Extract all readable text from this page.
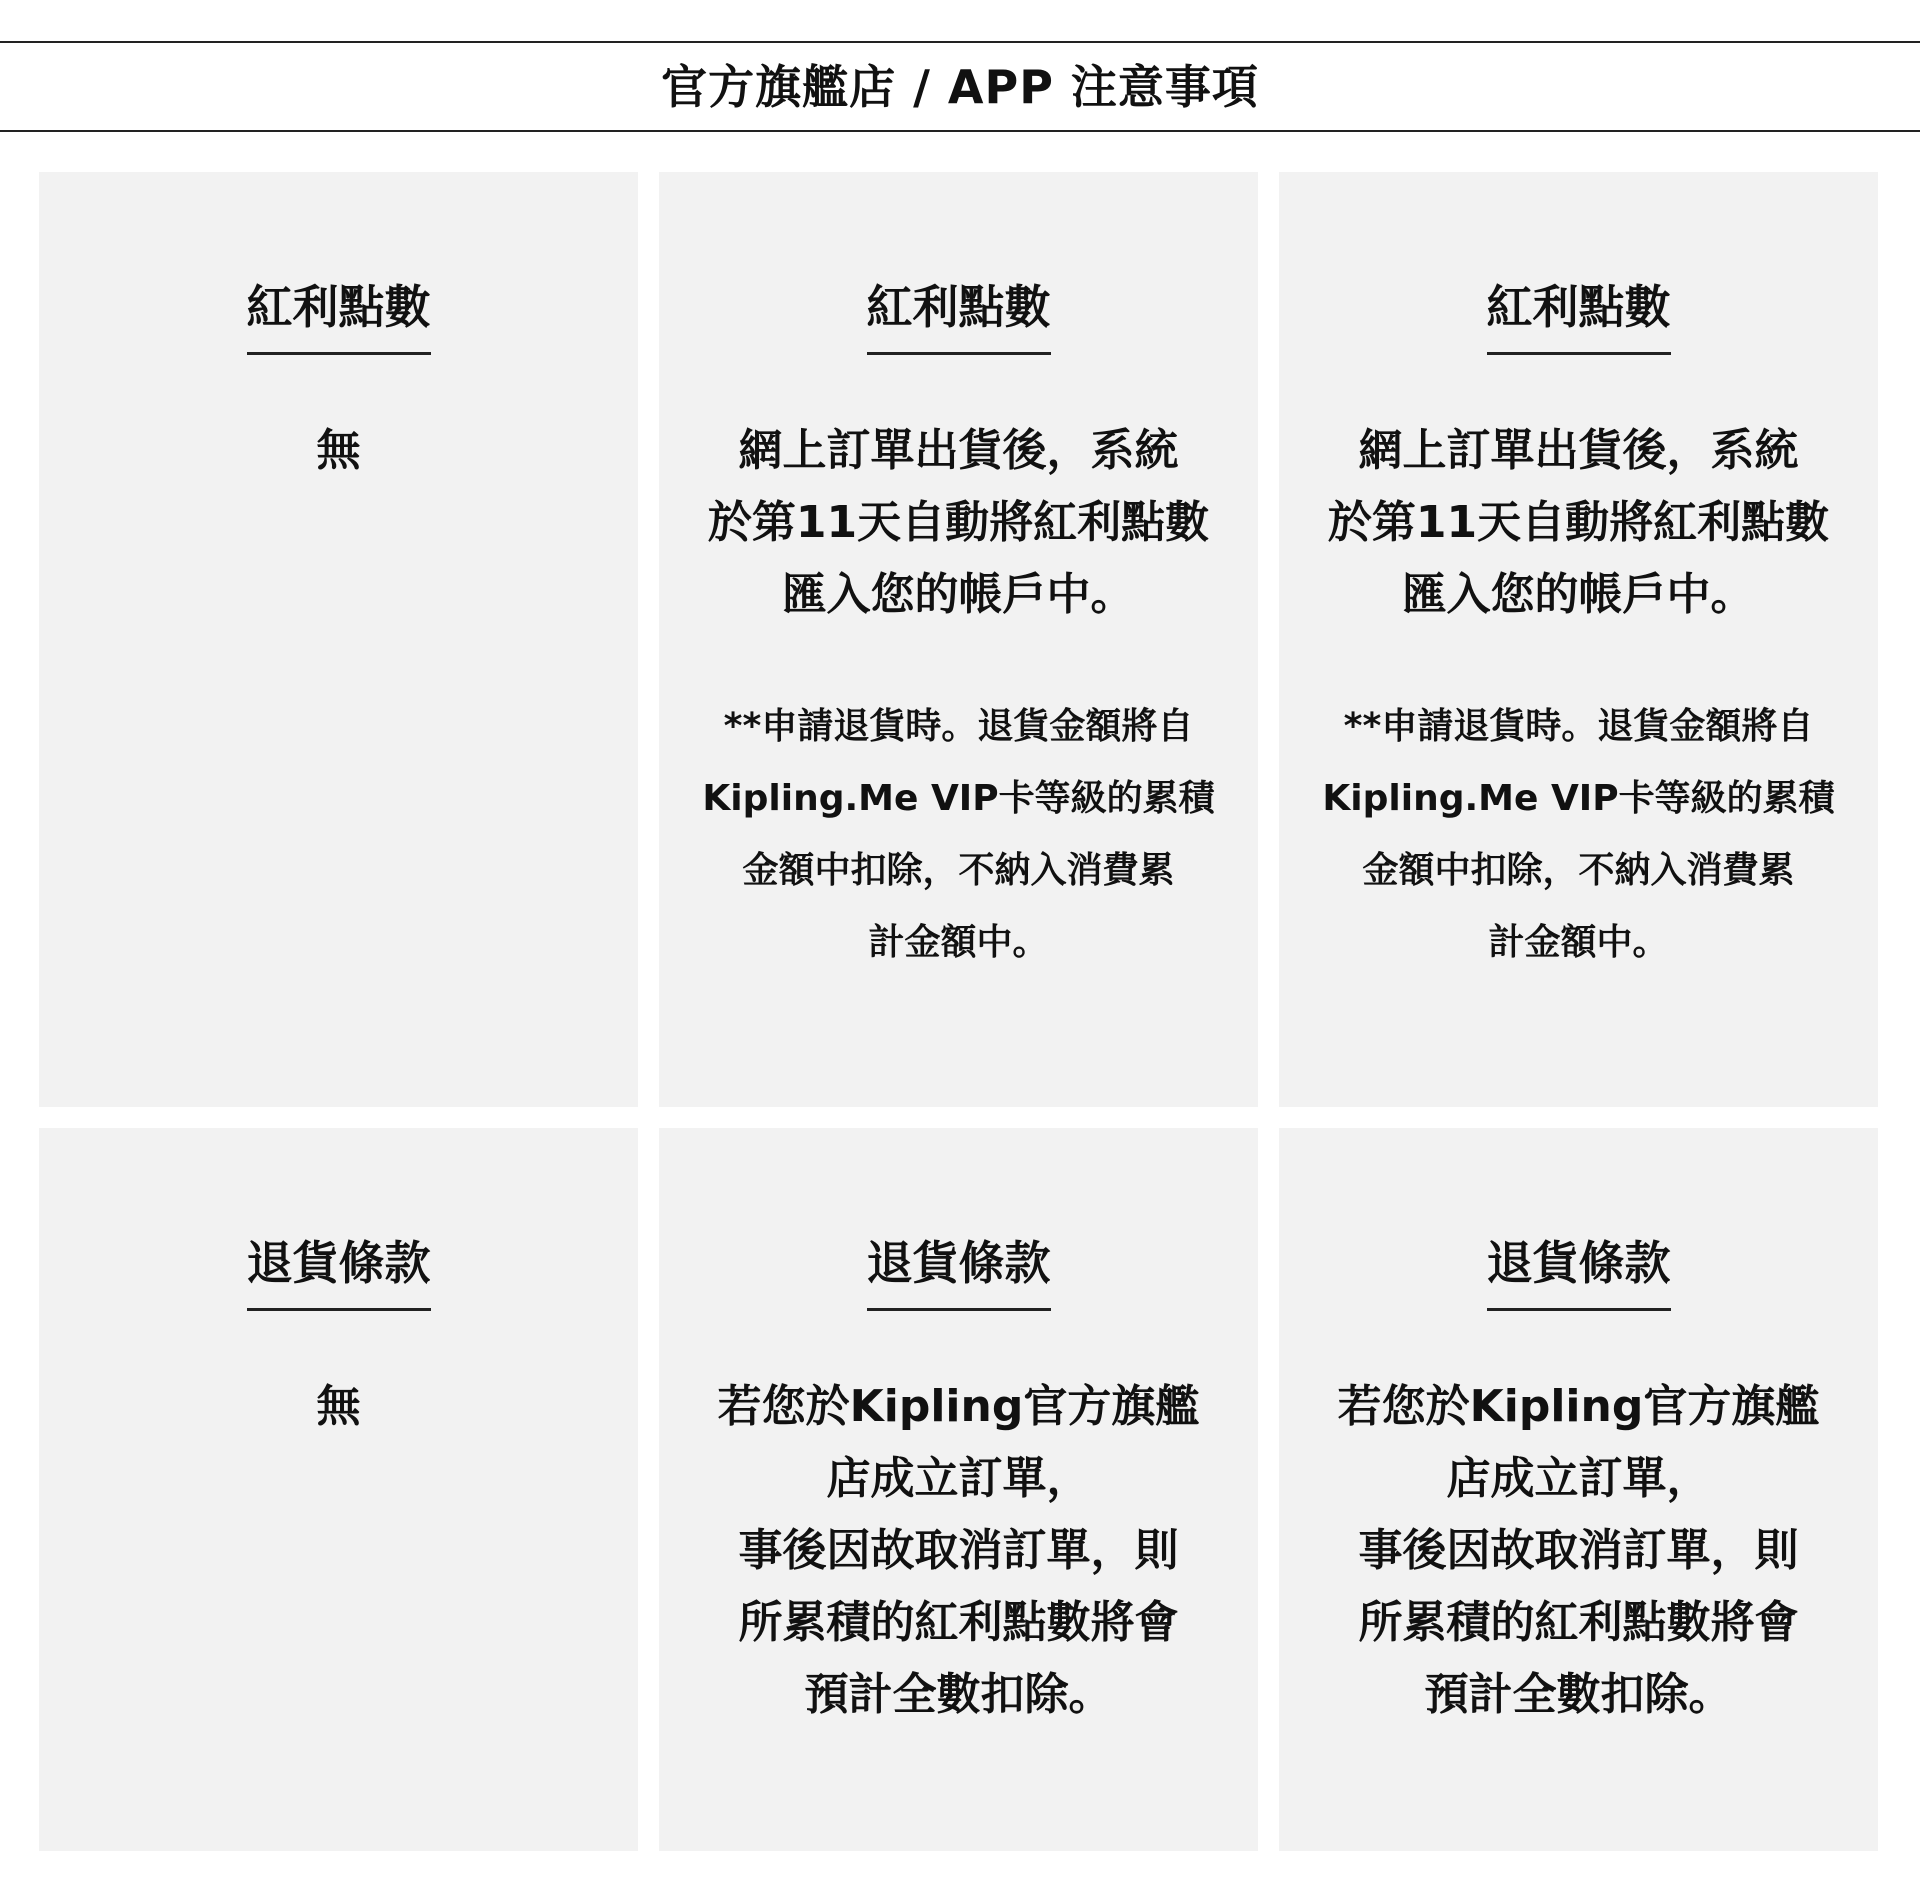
官方旗艦店 / APP 注意事項
紅利點數

無

紅利點數

網上訂單出貨後，系統
於第11天自動將紅利點數
匯入您的帳戶中。

**申請退貨時。退貨金額將自
Kipling.Me VIP卡等級的累積
金額中扣除，不納入消費累
計金額中。

紅利點數

網上訂單出貨後，系統
於第11天自動將紅利點數
匯入您的帳戶中。

**申請退貨時。退貨金額將自
Kipling.Me VIP卡等級的累積
金額中扣除，不納入消費累
計金額中。

退貨條款

無

退貨條款

若您於Kipling官方旗艦
店成立訂單，
事後因故取消訂單，則
所累積的紅利點數將會
預計全數扣除。

退貨條款

若您於Kipling官方旗艦
店成立訂單，
事後因故取消訂單，則
所累積的紅利點數將會
預計全數扣除。
